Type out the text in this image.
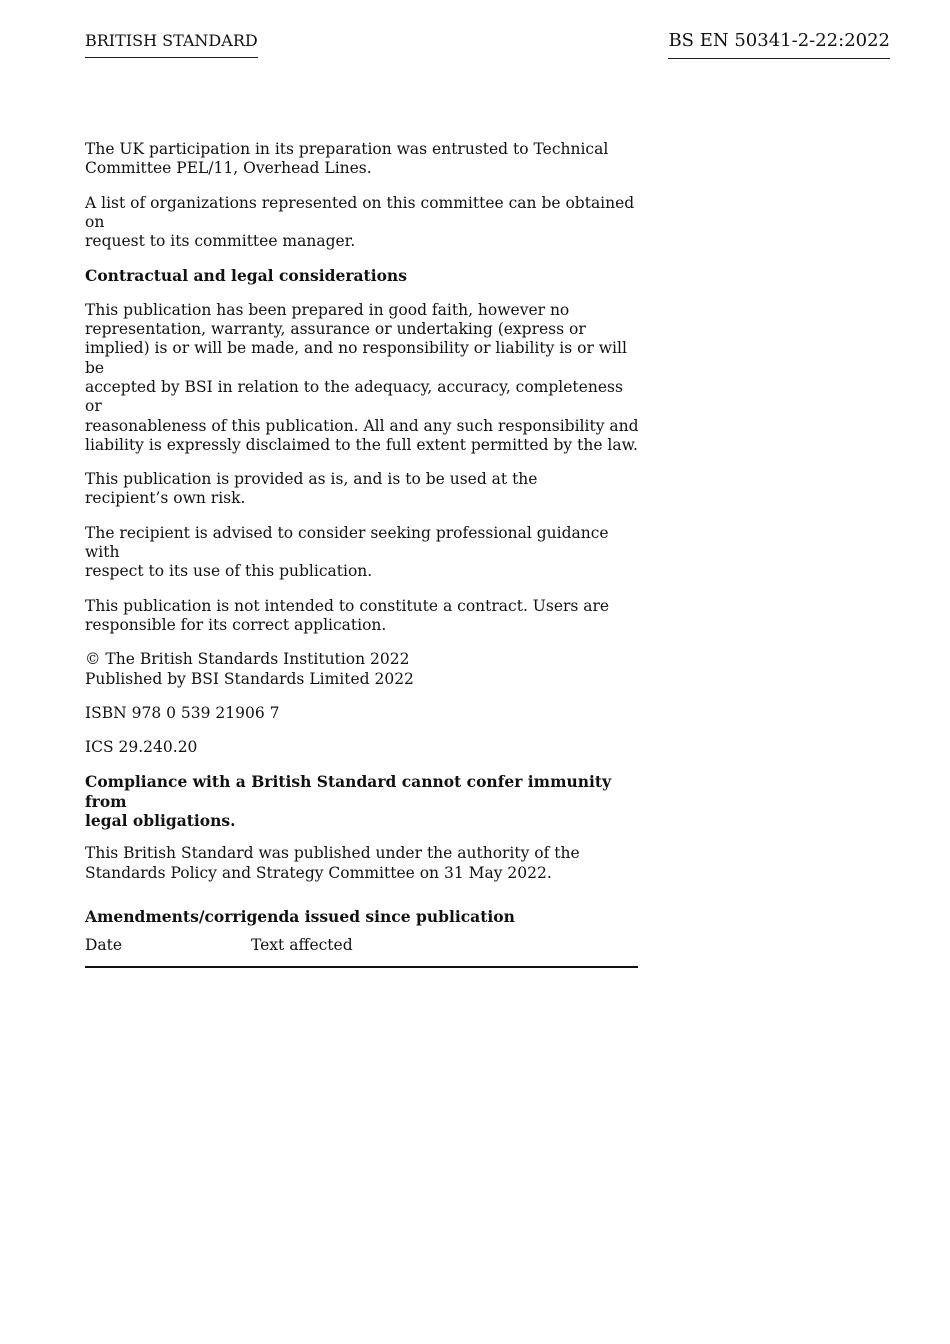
BRITISH STANDARD	BS EN 50341-2-22:2022

The UK participation in its preparation was entrusted to Technical
Committee PEL/11, Overhead Lines.

A list of organizations represented on this committee can be obtained on
request to its committee manager.

Contractual and legal considerations

This publication has been prepared in good faith, however no
representation, warranty, assurance or undertaking (express or
implied) is or will be made, and no responsibility or liability is or will be
accepted by BSI in relation to the adequacy, accuracy, completeness or
reasonableness of this publication. All and any such responsibility and
liability is expressly disclaimed to the full extent permitted by the law.

This publication is provided as is, and is to be used at the
recipient’s own risk.

The recipient is advised to consider seeking professional guidance with
respect to its use of this publication.

This publication is not intended to constitute a contract. Users are
responsible for its correct application.

© The British Standards Institution 2022
Published by BSI Standards Limited 2022

ISBN 978 0 539 21906 7

ICS 29.240.20

Compliance with a British Standard cannot confer immunity from
legal obligations.

This British Standard was published under the authority of the
Standards Policy and Strategy Committee on 31 May 2022.

Amendments/corrigenda issued since publication
Date	Text affected
